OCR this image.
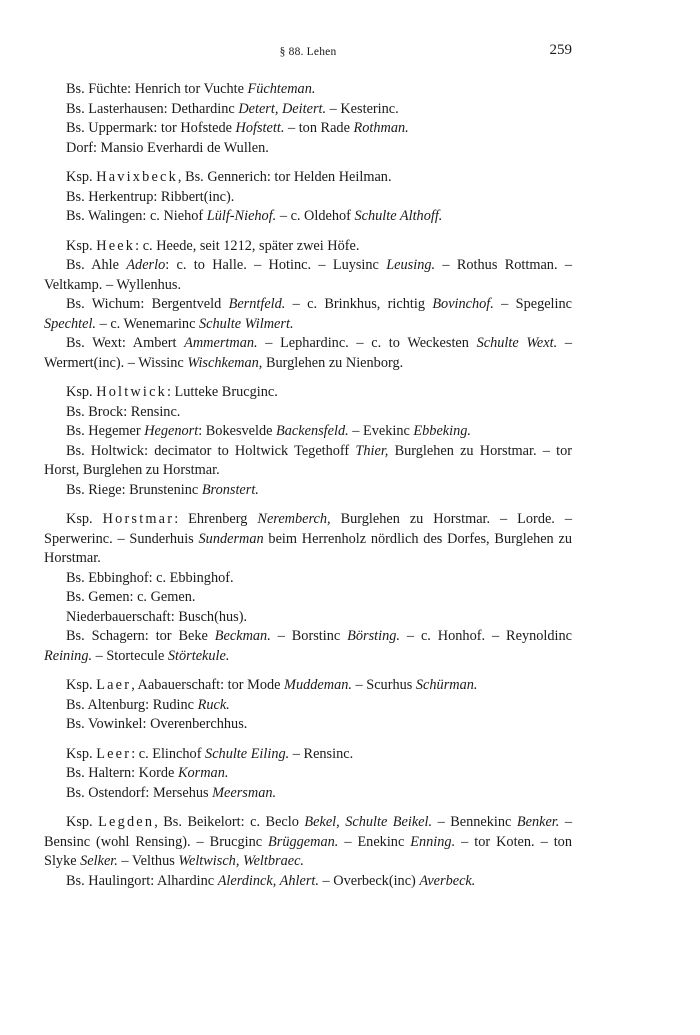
§ 88. Lehen	259

Bs. Füchte: Henrich tor Vuchte Füchteman.

Bs. Lasterhausen: Dethardinc Detert, Deitert. – Kesterinc.

Bs. Uppermark: tor Hofstede Hofstett. – ton Rade Rothman.

Dorf: Mansio Everhardi de Wullen.

Ksp. Havixbeck, Bs. Gennerich: tor Helden Heilman.

Bs. Herkentrup: Ribbert(inc).

Bs. Walingen: c. Niehof Lülf-Niehof. – c. Oldehof Schulte Althoff.

Ksp. Heek: c. Heede, seit 1212, später zwei Höfe.

Bs. Ahle Aderlo: c. to Halle. – Hotinc. – Luysinc Leusing. – Rothus Rottman. – Veltkamp. – Wyllenhus.

Bs. Wichum: Bergentveld Berntfeld. – c. Brinkhus, richtig Bovinchof. – Spegelinc Spechtel. – c. Wenemarinc Schulte Wilmert.

Bs. Wext: Ambert Ammertman. – Lephardinc. – c. to Weckesten Schulte Wext. – Wermert(inc). – Wissinc Wischkeman, Burglehen zu Nienborg.

Ksp. Holtwick: Lutteke Brucginc.

Bs. Brock: Rensinc.

Bs. Hegemer Hegenort: Bokesvelde Backensfeld. – Evekinc Ebbeking.

Bs. Holtwick: decimator to Holtwick Tegethoff Thier, Burglehen zu Horstmar. – tor Horst, Burglehen zu Horstmar.

Bs. Riege: Brunsteninc Bronstert.

Ksp. Horstmar: Ehrenberg Neremberch, Burglehen zu Horstmar. – Lorde. – Sperwerinc. – Sunderhuis Sunderman beim Herrenholz nördlich des Dorfes, Burglehen zu Horstmar.

Bs. Ebbinghof: c. Ebbinghof.

Bs. Gemen: c. Gemen.

Niederbauerschaft: Busch(hus).

Bs. Schagern: tor Beke Beckman. – Borstinc Börsting. – c. Honhof. – Reynoldinc Reining. – Stortecule Störtekule.

Ksp. Laer, Aabauerschaft: tor Mode Muddeman. – Scurhus Schürman.

Bs. Altenburg: Rudinc Ruck.

Bs. Vowinkel: Overenberchhus.

Ksp. Leer: c. Elinchof Schulte Eiling. – Rensinc.

Bs. Haltern: Korde Korman.

Bs. Ostendorf: Mersehus Meersman.

Ksp. Legden, Bs. Beikelort: c. Beclo Bekel, Schulte Beikel. – Bennekinc Benker. – Bensinc (wohl Rensing). – Brucginc Brüggeman. – Enekinc Enning. – tor Koten. – ton Slyke Selker. – Velthus Weltwisch, Weltbraec.

Bs. Haulingort: Alhardinc Alerdinck, Ahlert. – Overbeck(inc) Averbeck.
